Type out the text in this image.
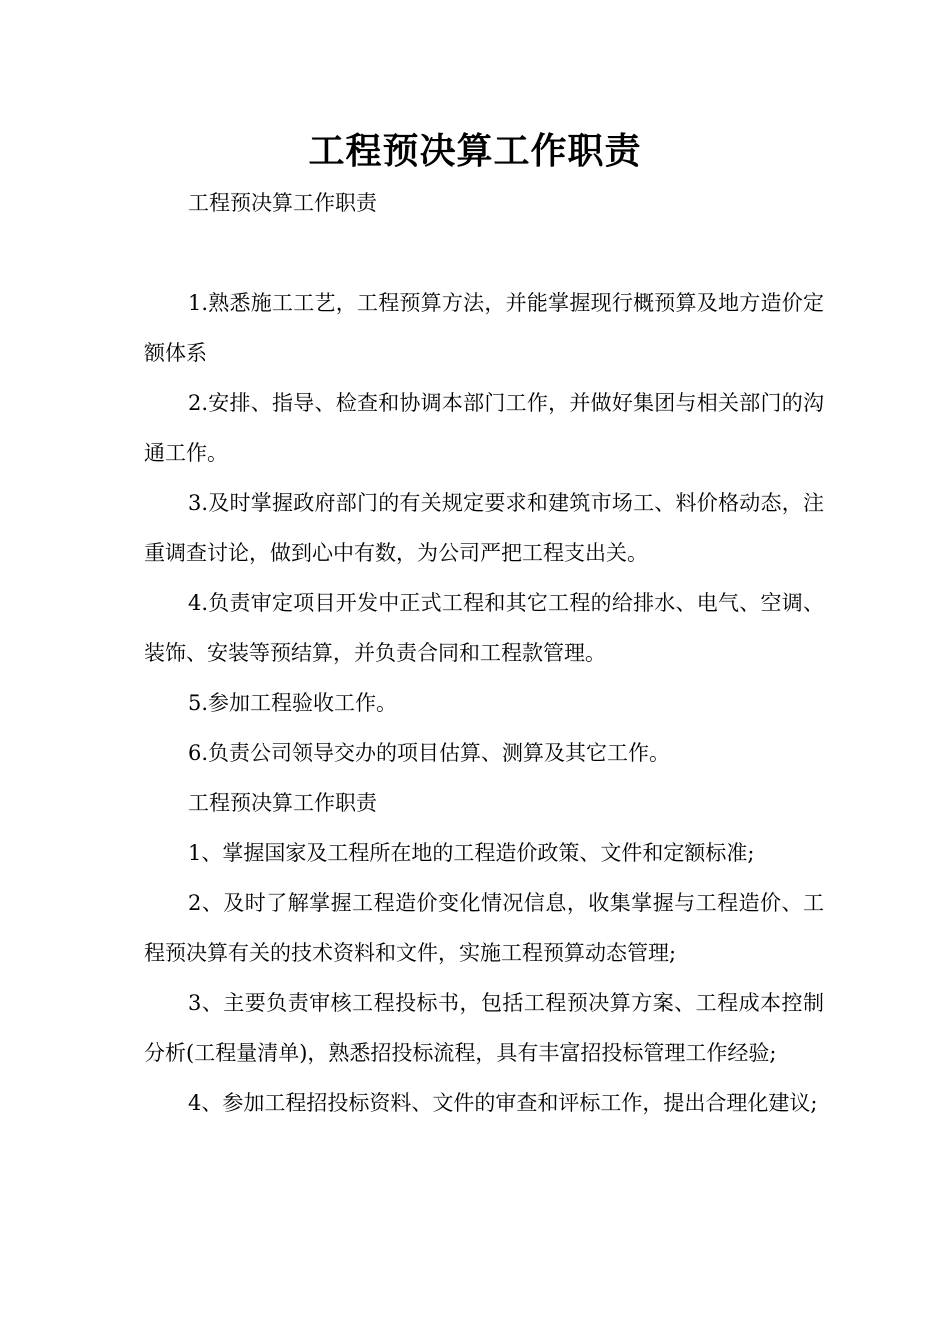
工程预决算工作职责

工程预决算工作职责

1.熟悉施工工艺，工程预算方法，并能掌握现行概预算及地方造价定额体系

2.安排、指导、检查和协调本部门工作，并做好集团与相关部门的沟通工作。

3.及时掌握政府部门的有关规定要求和建筑市场工、料价格动态，注重调查讨论，做到心中有数，为公司严把工程支出关。

4.负责审定项目开发中正式工程和其它工程的给排水、电气、空调、装饰、安装等预结算，并负责合同和工程款管理。

5.参加工程验收工作。

6.负责公司领导交办的项目估算、测算及其它工作。

工程预决算工作职责

1、掌握国家及工程所在地的工程造价政策、文件和定额标准;

2、及时了解掌握工程造价变化情况信息，收集掌握与工程造价、工程预决算有关的技术资料和文件，实施工程预算动态管理;

3、主要负责审核工程投标书，包括工程预决算方案、工程成本控制分析(工程量清单)，熟悉招投标流程，具有丰富招投标管理工作经验;

4、参加工程招投标资料、文件的审查和评标工作，提出合理化建议;
